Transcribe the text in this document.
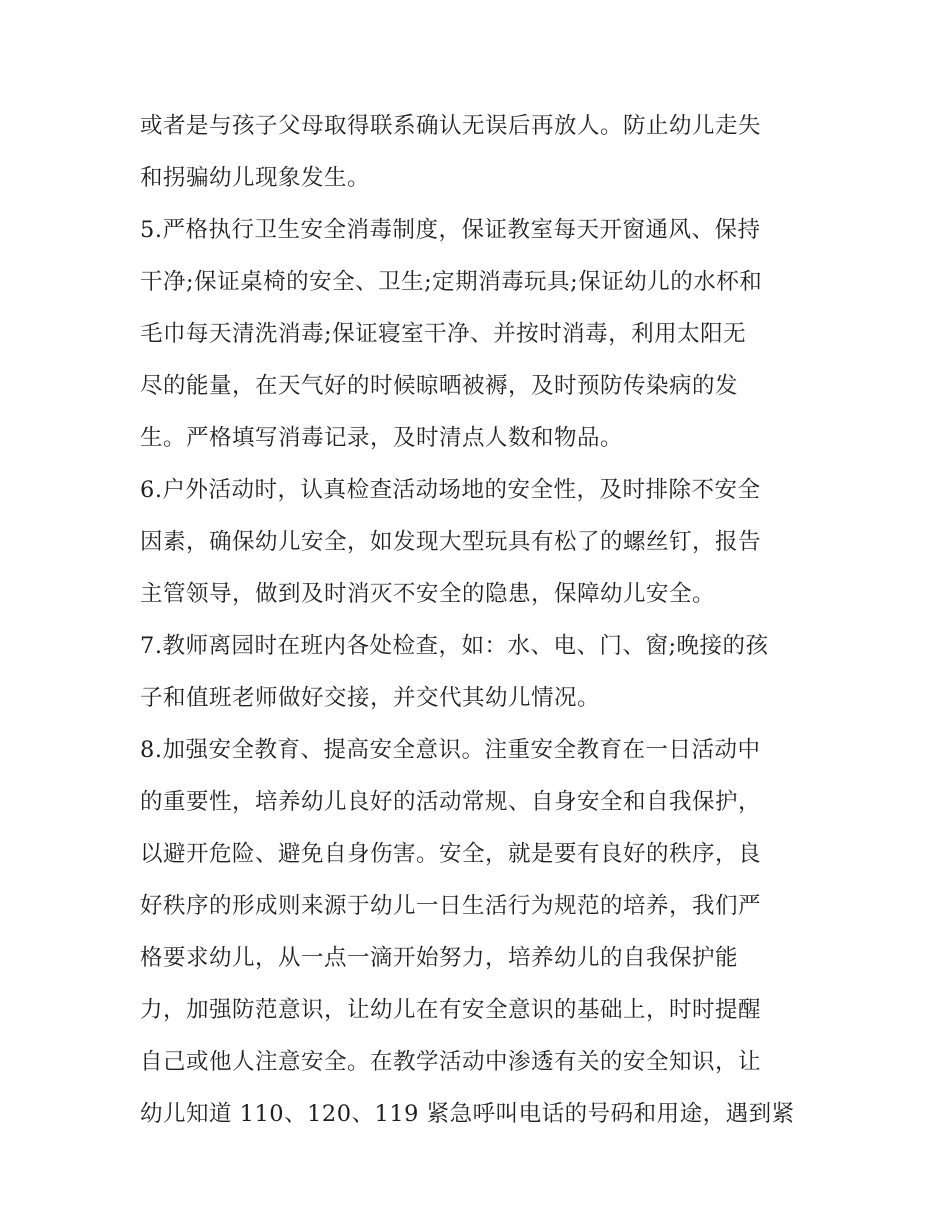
或者是与孩子父母取得联系确认无误后再放人。防止幼儿走失
和拐骗幼儿现象发生。
5.严格执行卫生安全消毒制度，保证教室每天开窗通风、保持
干净;保证桌椅的安全、卫生;定期消毒玩具;保证幼儿的水杯和
毛巾每天清洗消毒;保证寝室干净、并按时消毒，利用太阳无
尽的能量，在天气好的时候晾晒被褥，及时预防传染病的发
生。严格填写消毒记录，及时清点人数和物品。
6.户外活动时，认真检查活动场地的安全性，及时排除不安全
因素，确保幼儿安全，如发现大型玩具有松了的螺丝钉，报告
主管领导，做到及时消灭不安全的隐患，保障幼儿安全。
7.教师离园时在班内各处检查，如：水、电、门、窗;晚接的孩
子和值班老师做好交接，并交代其幼儿情况。
8.加强安全教育、提高安全意识。注重安全教育在一日活动中
的重要性，培养幼儿良好的活动常规、自身安全和自我保护，
以避开危险、避免自身伤害。安全，就是要有良好的秩序，良
好秩序的形成则来源于幼儿一日生活行为规范的培养，我们严
格要求幼儿，从一点一滴开始努力，培养幼儿的自我保护能
力，加强防范意识，让幼儿在有安全意识的基础上，时时提醒
自己或他人注意安全。在教学活动中渗透有关的安全知识，让
幼儿知道 110、120、119 紧急呼叫电话的号码和用途，遇到紧
